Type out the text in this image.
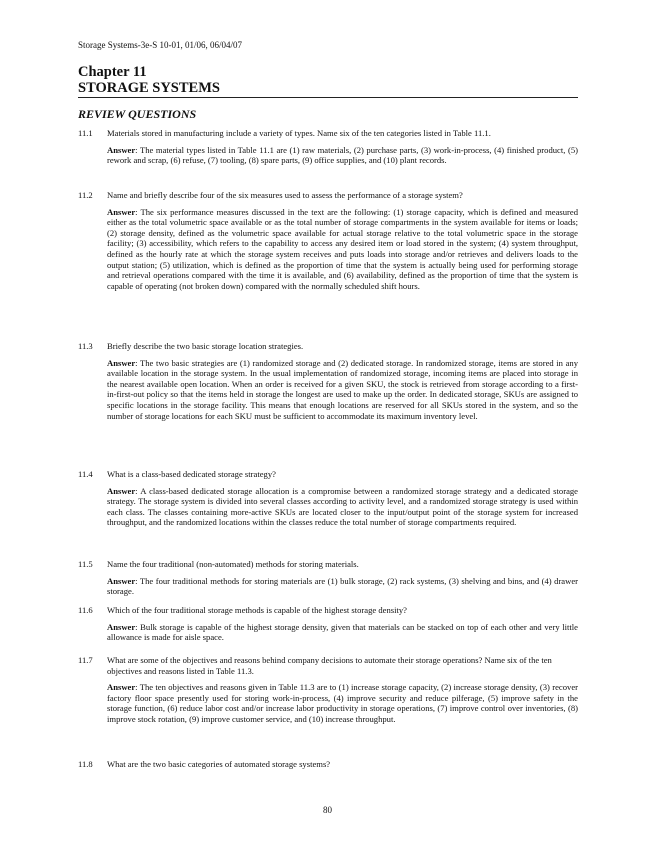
Storage Systems-3e-S 10-01, 01/06, 06/04/07
Chapter 11
STORAGE SYSTEMS
REVIEW QUESTIONS
11.1 Materials stored in manufacturing include a variety of types. Name six of the ten categories listed in Table 11.1.
Answer: The material types listed in Table 11.1 are (1) raw materials, (2) purchase parts, (3) work-in-process, (4) finished product, (5) rework and scrap, (6) refuse, (7) tooling, (8) spare parts, (9) office supplies, and (10) plant records.
11.2 Name and briefly describe four of the six measures used to assess the performance of a storage system?
Answer: The six performance measures discussed in the text are the following: (1) storage capacity, which is defined and measured either as the total volumetric space available or as the total number of storage compartments in the system available for items or loads; (2) storage density, defined as the volumetric space available for actual storage relative to the total volumetric space in the storage facility; (3) accessibility, which refers to the capability to access any desired item or load stored in the system; (4) system throughput, defined as the hourly rate at which the storage system receives and puts loads into storage and/or retrieves and delivers loads to the output station; (5) utilization, which is defined as the proportion of time that the system is actually being used for performing storage and retrieval operations compared with the time it is available, and (6) availability, defined as the proportion of time that the system is capable of operating (not broken down) compared with the normally scheduled shift hours.
11.3 Briefly describe the two basic storage location strategies.
Answer: The two basic strategies are (1) randomized storage and (2) dedicated storage. In randomized storage, items are stored in any available location in the storage system. In the usual implementation of randomized storage, incoming items are placed into storage in the nearest available open location. When an order is received for a given SKU, the stock is retrieved from storage according to a first-in-first-out policy so that the items held in storage the longest are used to make up the order. In dedicated storage, SKUs are assigned to specific locations in the storage facility. This means that enough locations are reserved for all SKUs stored in the system, and so the number of storage locations for each SKU must be sufficient to accommodate its maximum inventory level.
11.4 What is a class-based dedicated storage strategy?
Answer: A class-based dedicated storage allocation is a compromise between a randomized storage strategy and a dedicated storage strategy. The storage system is divided into several classes according to activity level, and a randomized storage strategy is used within each class. The classes containing more-active SKUs are located closer to the input/output point of the storage system for increased throughput, and the randomized locations within the classes reduce the total number of storage compartments required.
11.5 Name the four traditional (non-automated) methods for storing materials.
Answer: The four traditional methods for storing materials are (1) bulk storage, (2) rack systems, (3) shelving and bins, and (4) drawer storage.
11.6 Which of the four traditional storage methods is capable of the highest storage density?
Answer: Bulk storage is capable of the highest storage density, given that materials can be stacked on top of each other and very little allowance is made for aisle space.
11.7 What are some of the objectives and reasons behind company decisions to automate their storage operations? Name six of the ten objectives and reasons listed in Table 11.3.
Answer: The ten objectives and reasons given in Table 11.3 are to (1) increase storage capacity, (2) increase storage density, (3) recover factory floor space presently used for storing work-in-process, (4) improve security and reduce pilferage, (5) improve safety in the storage function, (6) reduce labor cost and/or increase labor productivity in storage operations, (7) improve control over inventories, (8) improve stock rotation, (9) improve customer service, and (10) increase throughput.
11.8 What are the two basic categories of automated storage systems?
80
